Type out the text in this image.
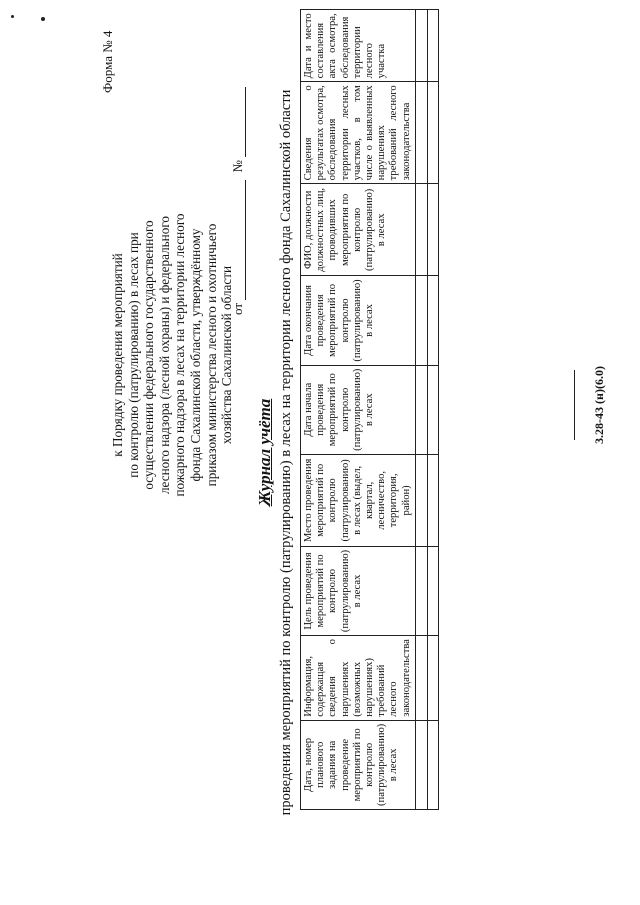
Форма № 4
к Порядку проведения мероприятий по контролю (патрулированию) в лесах при осуществлении федерального государственного лесного надзора (лесной охраны) и федерального пожарного надзора в лесах на территории лесного фонда Сахалинской области, утверждённому приказом министерства лесного и охотничьего хозяйства Сахалинской области
от  №
Журнал учёта проведения мероприятий по контролю (патрулированию) в лесах на территории лесного фонда Сахалинской области Дата, номер планового задания на проведение мероприятий по контролю (патрулированию) в лесах	Информация, содержащая сведения о нарушениях (возможных нарушениях) требований лесного законодательства	Цель проведения мероприятий по контролю (патрулированию) в лесах	Место проведения мероприятий по контролю (патрулированию) в лесах (выдел, квартал, лесничество, территория, район)	Дата начала проведения мероприятий по контролю (патрулированию) в лесах	Дата окончания проведения мероприятий по контролю (патрулированию) в лесах	ФИО, должности должностных лиц, проводивших мероприятия по контролю (патрулированию) в лесах	Сведения о результатах осмотра, обследования территории лесных участков, в том числе о выявленных нарушениях требований лесного законодательства	Дата и место составления акта осмотра, обследования территории лесного участка

3.28-43 (н)(6.0)
